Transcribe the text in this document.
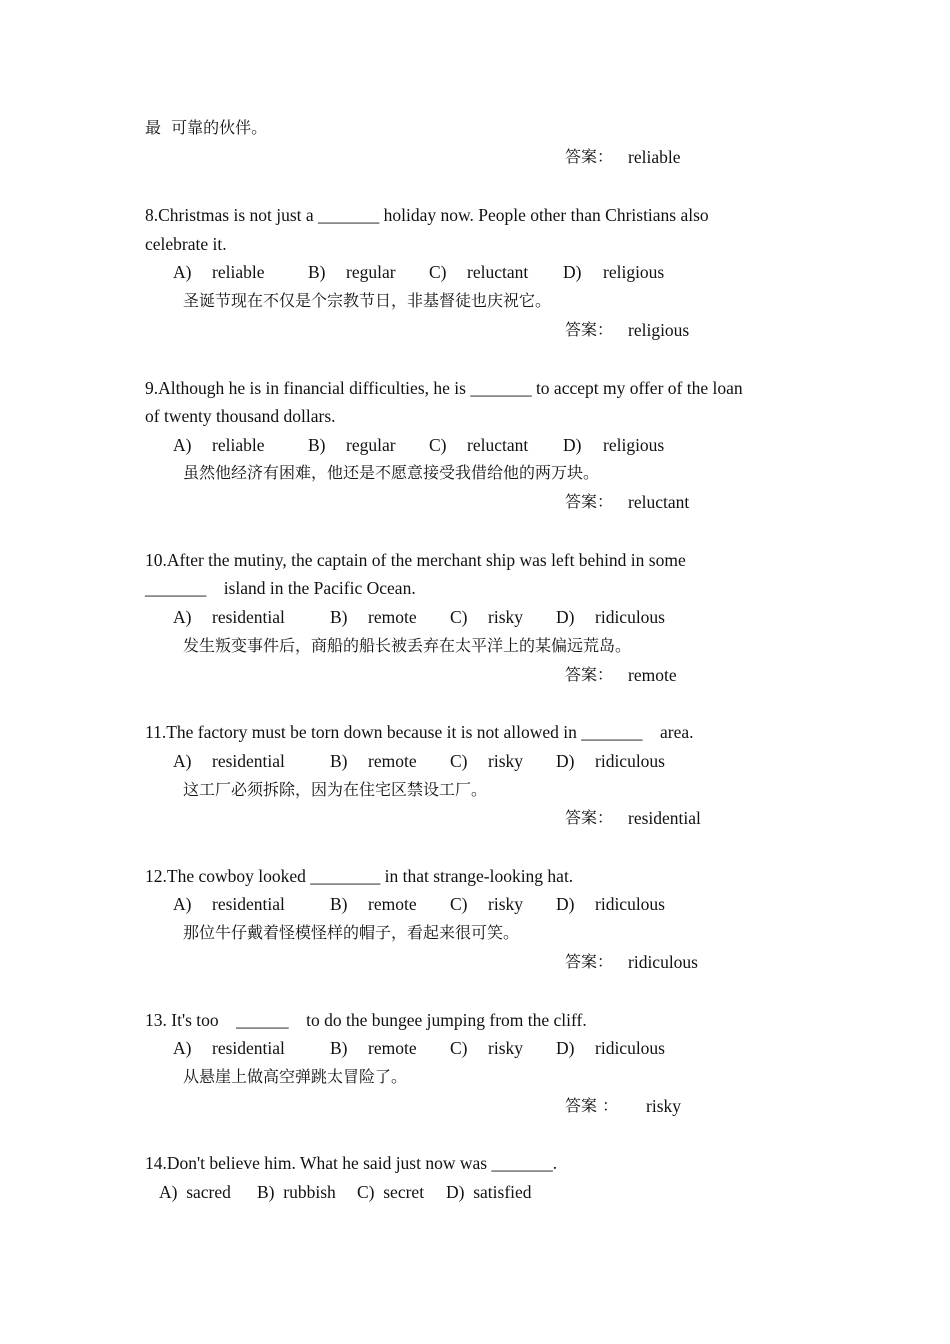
最  可靠的伙伴。
答案： reliable
8.Christmas is not just a _______ holiday now. People other than Christians also
celebrate it.
A) reliable B) regular C) reluctant D) religious
圣诞节现在不仅是个宗教节日，非基督徒也庆祝它。
答案： religious
9.Although he is in financial difficulties, he is _______ to accept my offer of the loan
of twenty thousand dollars.
A) reliable B) regular C) reluctant D) religious
虽然他经济有困难，他还是不愿意接受我借给他的两万块。
答案： reluctant
10.After the mutiny, the captain of the merchant ship was left behind in some
_______    island in the Pacific Ocean.
A) residential	B) remote C) risky D) ridiculous
发生叛变事件后，商船的船长被丢弃在太平洋上的某偏远荒岛。
答案： remote
11.The factory must be torn down because it is not allowed in _______    area.
A) residential	B) remote C) risky D) ridiculous
这工厂必须拆除，因为在住宅区禁设工厂。
答案： residential
12.The cowboy looked ________ in that strange-looking hat.
A) residential	B) remote C) risky D) ridiculous
那位牛仔戴着怪模怪样的帽子，看起来很可笑。
答案： ridiculous
13. It's too    ______    to do the bungee jumping from the cliff.
A) residential	B) remote C) risky D) ridiculous
从悬崖上做高空弹跳太冒险了。
答案 ： risky
14.Don't believe him. What he said just now was _______.
A)  sacred B)  rubbish C)  secret D)  satisfied
